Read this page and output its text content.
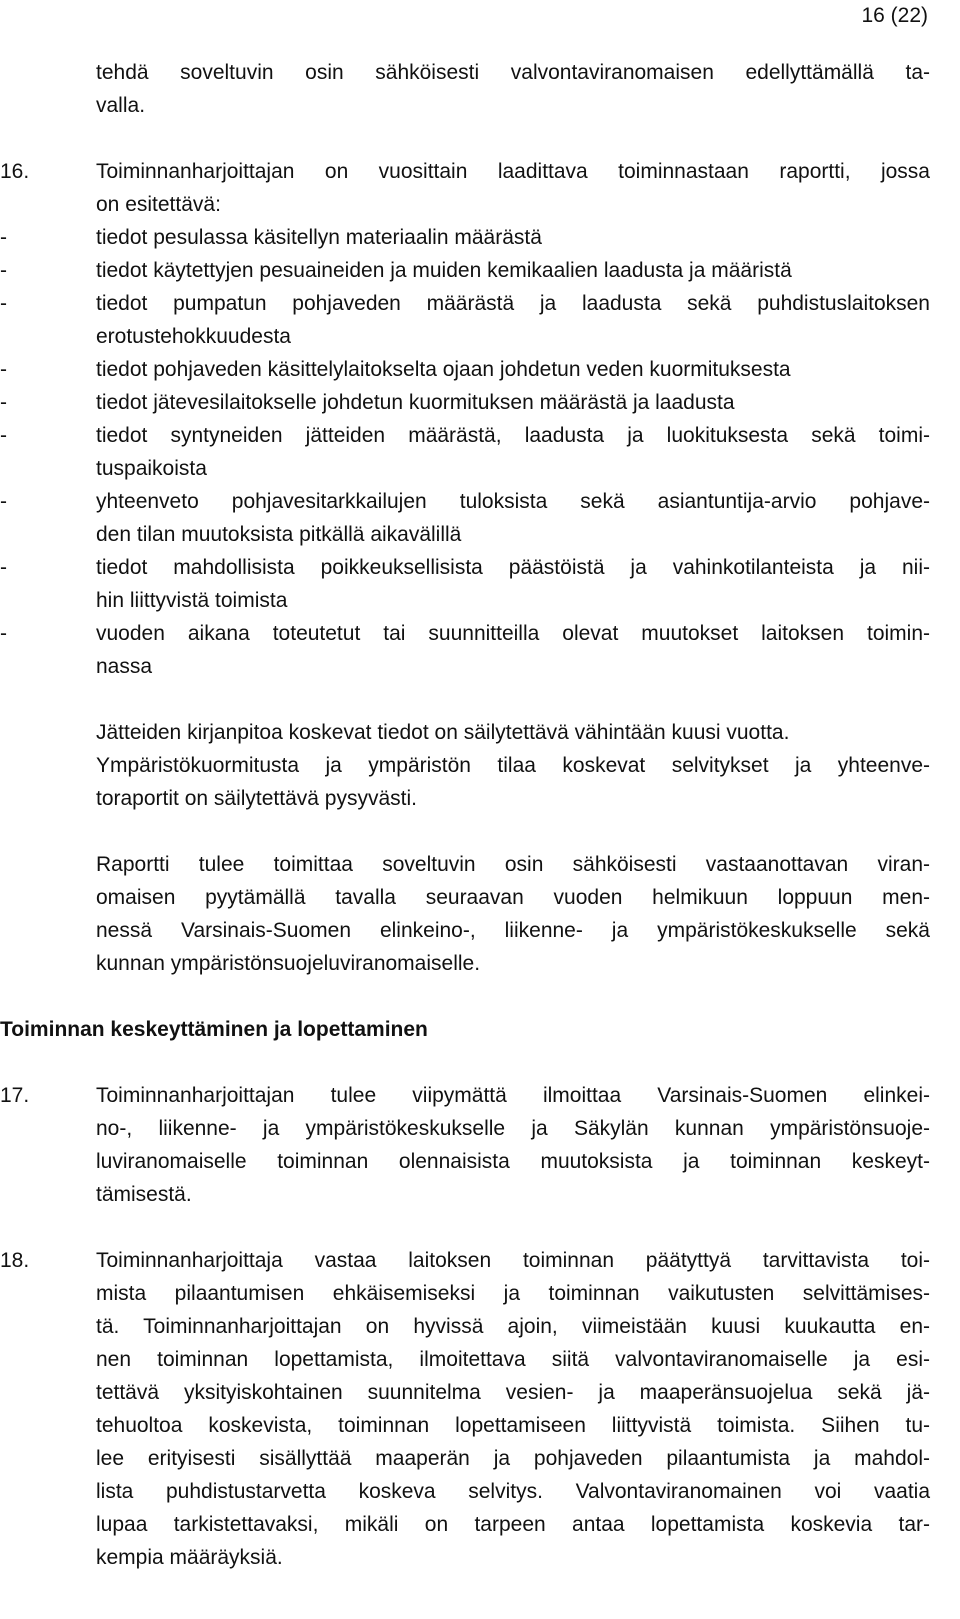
16 (22)
tehdä soveltuvin osin sähköisesti valvontaviranomaisen edellyttämällä ta-
valla.
16.	Toiminnanharjoittajan on vuosittain laadittava toiminnastaan raportti, jossa
on esitettävä:
-	tiedot pesulassa käsitellyn materiaalin määrästä
-	tiedot käytettyjen pesuaineiden ja muiden kemikaalien laadusta ja määristä
-	tiedot pumpatun pohjaveden määrästä ja laadusta sekä puhdistuslaitoksen
erotustehokkuudesta
-	tiedot pohjaveden käsittelylaitokselta ojaan johdetun veden kuormituksesta
-	tiedot jätevesilaitokselle johdetun kuormituksen määrästä ja laadusta
-	tiedot syntyneiden jätteiden määrästä, laadusta ja luokituksesta sekä toimi-
tuspaikoista
-	yhteenveto pohjavesitarkkailujen tuloksista sekä asiantuntija-arvio pohjave-
den tilan muutoksista pitkällä aikavälillä
-	tiedot mahdollisista poikkeuksellisista päästöistä ja vahinkotilanteista ja nii-
hin liittyvistä toimista
-	vuoden aikana toteutetut tai suunnitteilla olevat muutokset laitoksen toimin-
nassa
Jätteiden kirjanpitoa koskevat tiedot on säilytettävä vähintään kuusi vuotta.
Ympäristökuormitusta ja ympäristön tilaa koskevat selvitykset ja yhteenve-
toraportit on säilytettävä pysyvästi.
Raportti tulee toimittaa soveltuvin osin sähköisesti vastaanottavan viran-
omaisen pyytämällä tavalla seuraavan vuoden helmikuun loppuun men-
nessä Varsinais-Suomen elinkeino-, liikenne- ja ympäristökeskukselle sekä
kunnan ympäristönsuojeluviranomaiselle.
Toiminnan keskeyttäminen ja lopettaminen
17.	Toiminnanharjoittajan tulee viipymättä ilmoittaa Varsinais-Suomen elinkei-
no-, liikenne- ja ympäristökeskukselle ja Säkylän kunnan ympäristönsuoje-
luviranomaiselle toiminnan olennaisista muutoksista ja toiminnan keskeyt-
tämisestä.
18.	Toiminnanharjoittaja vastaa laitoksen toiminnan päätyttyä tarvittavista toi-
mista pilaantumisen ehkäisemiseksi ja toiminnan vaikutusten selvittämises-
tä. Toiminnanharjoittajan on hyvissä ajoin, viimeistään kuusi kuukautta en-
nen toiminnan lopettamista, ilmoitettava siitä valvontaviranomaiselle ja esi-
tettävä yksityiskohtainen suunnitelma vesien- ja maaperänsuojelua sekä jä-
tehuoltoa koskevista, toiminnan lopettamiseen liittyvistä toimista. Siihen tu-
lee erityisesti sisällyttää maaperän ja pohjaveden pilaantumista ja mahdol-
lista puhdistustarvetta koskeva selvitys. Valvontaviranomainen voi vaatia
lupaa tarkistettavaksi, mikäli on tarpeen antaa lopettamista koskevia tar-
kempia määräyksiä.
